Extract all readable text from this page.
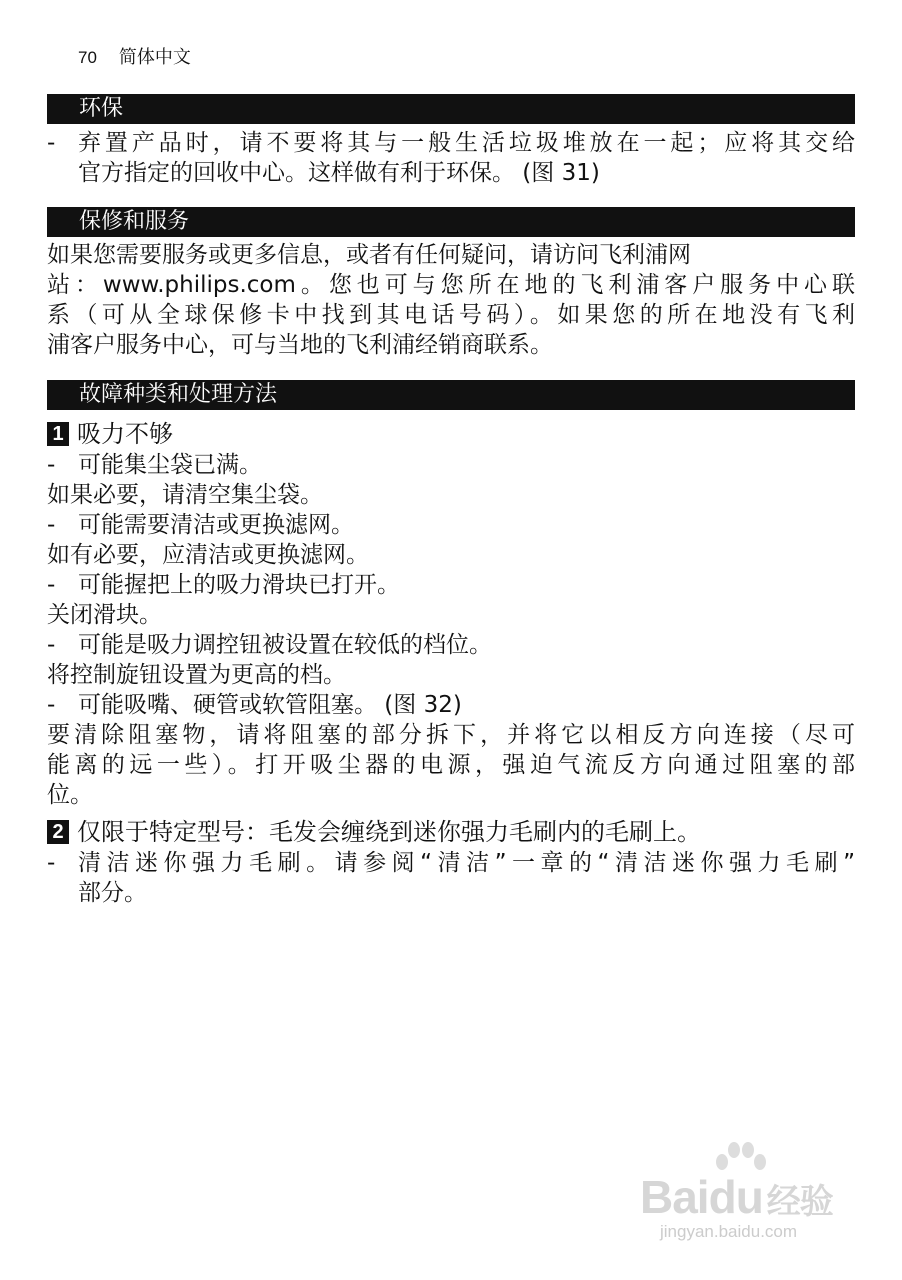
70 简体中文
环保
- 弃置产品时，请不要将其与一般生活垃圾堆放在一起；应将其交给
官方指定的回收中心。这样做有利于环保。 (图 31)
保修和服务
如果您需要服务或更多信息，或者有任何疑问，请访问飞利浦网
站：www.philips.com。您也可与您所在地的飞利浦客户服务中心联
系（可从全球保修卡中找到其电话号码）。如果您的所在地没有飞利
浦客户服务中心，可与当地的飞利浦经销商联系。
故障种类和处理方法
1 吸力不够
- 可能集尘袋已满。
如果必要，请清空集尘袋。
- 可能需要清洁或更换滤网。
如有必要，应清洁或更换滤网。
- 可能握把上的吸力滑块已打开。
关闭滑块。
- 可能是吸力调控钮被设置在较低的档位。
将控制旋钮设置为更高的档。
- 可能吸嘴、硬管或软管阻塞。 (图 32)
要清除阻塞物，请将阻塞的部分拆下，并将它以相反方向连接（尽可
能离的远一些）。打开吸尘器的电源，强迫气流反方向通过阻塞的部
位。
2 仅限于特定型号：毛发会缠绕到迷你强力毛刷内的毛刷上。
- 清洁迷你强力毛刷。请参阅“清洁”一章的“清洁迷你强力毛刷”
部分。
Baidu 经验
jingyan.baidu.com
